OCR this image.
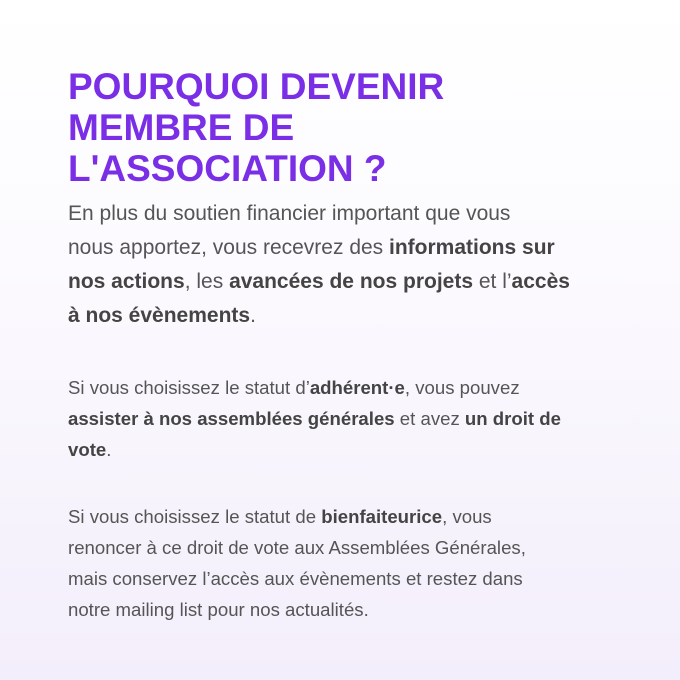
POURQUOI DEVENIR
MEMBRE DE
L'ASSOCIATION ?

En plus du soutien financier important que vous
nous apportez, vous recevrez des informations sur
nos actions, les avancées de nos projets et l’accès
à nos évènements.

Si vous choisissez le statut d’adhérent·e, vous pouvez
assister à nos assemblées générales et avez un droit de
vote.

Si vous choisissez le statut de bienfaiteurice, vous
renoncer à ce droit de vote aux Assemblées Générales,
mais conservez l’accès aux évènements et restez dans
notre mailing list pour nos actualités.
